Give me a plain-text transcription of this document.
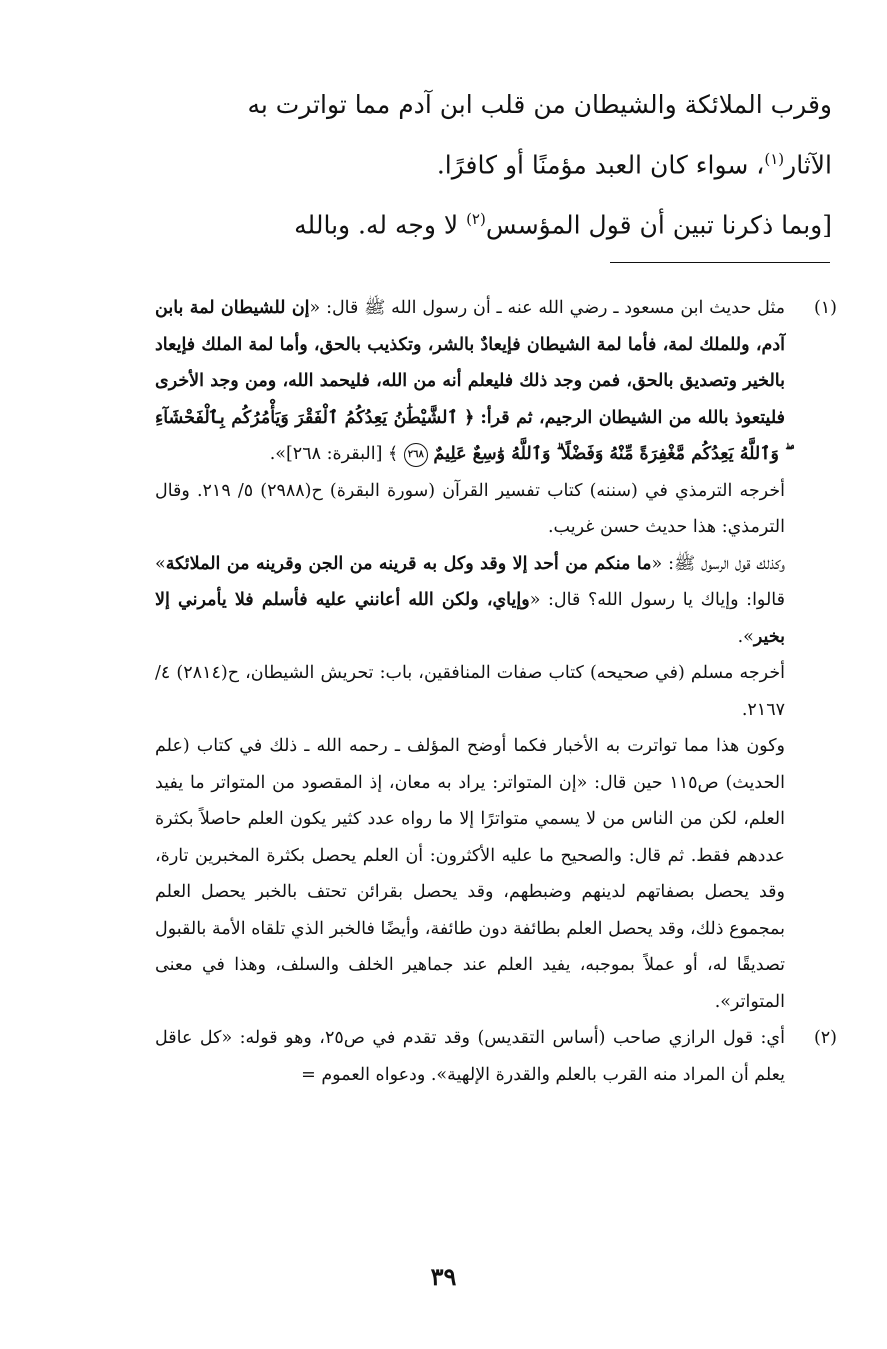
وقرب الملائكة والشيطان من قلب ابن آدم مما تواترت به

الآثار$^{(١)}$، سواء كان العبد مؤمنًا أو كافرًا.

[وبما ذكرنا تبين أن قول المؤسس$^{(٢)}$ لا وجه له. وبالله

(١)

مثل حديث ابن مسعود ـ رضي الله عنه ـ أن رسول الله ﷺ قال: «إن للشيطان لمة بابن آدم، وللملك لمة، فأما لمة الشيطان فإيعادٌ بالشر، وتكذيب بالحق، وأما لمة الملك فإيعاد بالخير وتصديق بالحق، فمن وجد ذلك فليعلم أنه من الله، فليحمد الله، ومن وجد الأخرى فليتعوذ بالله من الشيطان الرجيم، ثم قرأ: ﴿ ٱلشَّيْطَٰنُ يَعِدُكُمُ ٱلْفَقْرَ وَيَأْمُرُكُم بِٱلْفَحْشَآءِ ۖ وَٱللَّهُ يَعِدُكُم مَّغْفِرَةً مِّنْهُ وَفَضْلًا ۗ وَٱللَّهُ وَٰسِعٌ عَلِيمٌ ٢٦٨ ﴾ [البقرة: ٢٦٨]».

أخرجه الترمذي في (سننه) كتاب تفسير القرآن (سورة البقرة) ح(٢٩٨٨) ٥/ ٢١٩. وقال الترمذي: هذا حديث حسن غريب.

وكذلك قول الرسول ﷺ: «ما منكم من أحد إلا وقد وكل به قرينه من الجن وقرينه من الملائكة» قالوا: وإياك يا رسول الله؟ قال: «وإياي، ولكن الله أعانني عليه فأسلم فلا يأمرني إلا بخير».

أخرجه مسلم (في صحيحه) كتاب صفات المنافقين، باب: تحريش الشيطان، ح(٢٨١٤) ٤/ ٢١٦٧.

وكون هذا مما تواترت به الأخبار فكما أوضح المؤلف ـ رحمه الله ـ ذلك في كتاب (علم الحديث) ص١١٥ حين قال: «إن المتواتر: يراد به معان، إذ المقصود من المتواتر ما يفيد العلم، لكن من الناس من لا يسمي متواترًا إلا ما رواه عدد كثير يكون العلم حاصلاً بكثرة عددهم فقط. ثم قال: والصحيح ما عليه الأكثرون: أن العلم يحصل بكثرة المخبرين تارة، وقد يحصل بصفاتهم لدينهم وضبطهم، وقد يحصل بقرائن تحتف بالخبر يحصل العلم بمجموع ذلك، وقد يحصل العلم بطائفة دون طائفة، وأيضًا فالخبر الذي تلقاه الأمة بالقبول تصديقًا له، أو عملاً بموجبه، يفيد العلم عند جماهير الخلف والسلف، وهذا في معنى المتواتر».

(٢)

أي: قول الرازي صاحب (أساس التقديس) وقد تقدم في ص٢٥، وهو قوله: «كل عاقل يعلم أن المراد منه القرب بالعلم والقدرة الإلهية». ودعواه العموم =

٣٩
